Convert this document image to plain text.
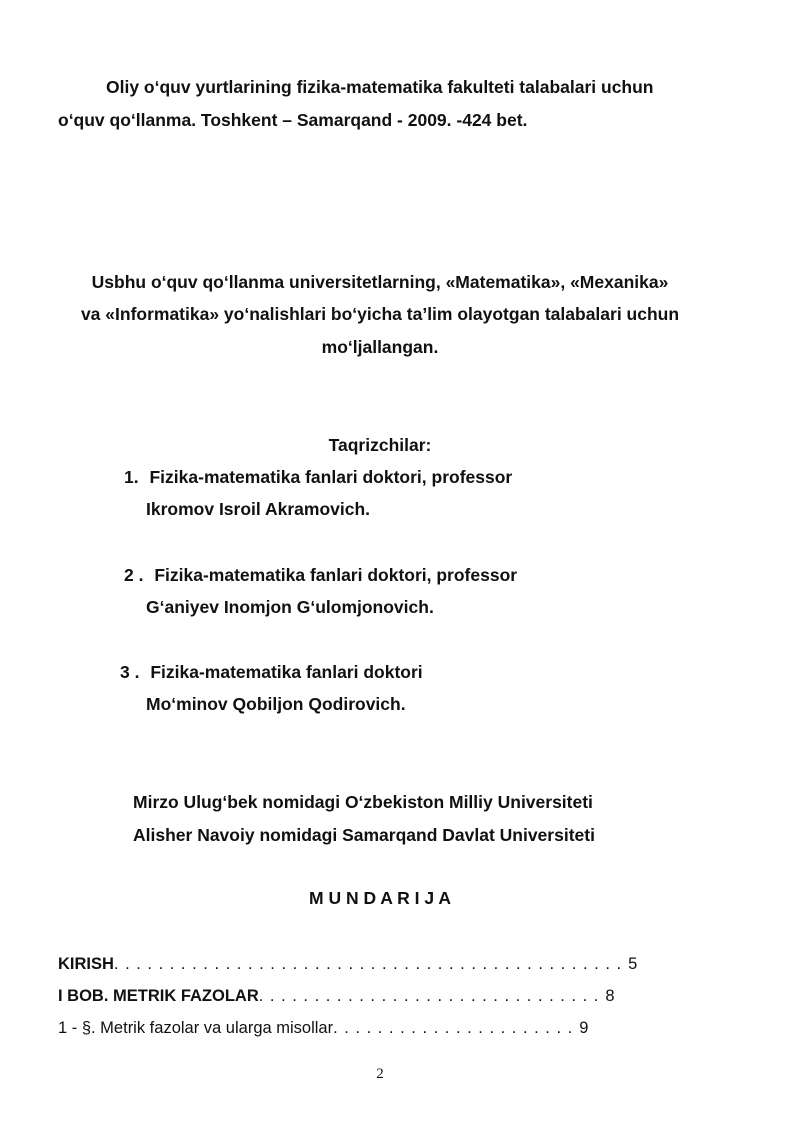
Oliy o‘quv yurtlarining fizika-matematika fakulteti talabalari uchun
o‘quv qo‘llanma. Toshkent – Samarqand - 2009. -424 bet.
Usbhu o‘quv qo‘llanma universitetlarning, «Matematika», «Mexanika»
va «Informatika» yo‘nalishlari bo‘yicha ta’lim olayotgan talabalari uchun
mo‘ljallangan.
Taqrizchilar:
1. Fizika-matematika fanlari doktori, professor
Ikromov Isroil Akramovich.
2 . Fizika-matematika fanlari doktori, professor
G‘aniyev Inomjon G‘ulomjonovich.
3 . Fizika-matematika fanlari doktori
Mo‘minov Qobiljon Qodirovich.
Mirzo Ulug‘bek nomidagi O‘zbekiston Milliy Universiteti
Alisher Navoiy nomidagi Samarqand Davlat Universiteti
M U N D A R I J A
KIRISH. . . . . . . . . . . . . . . . . . . . . . . . . . . . . . . . . . . . . . . . . . . . . . 5
I BOB. METRIK FAZOLAR. . . . . . . . . . . . . . . . . . . . . . . . . . . . . . . 8
1 - §. Metrik fazolar va ularga misollar. . . . . . . . . . . . . . . . . . . . . . 9
2
